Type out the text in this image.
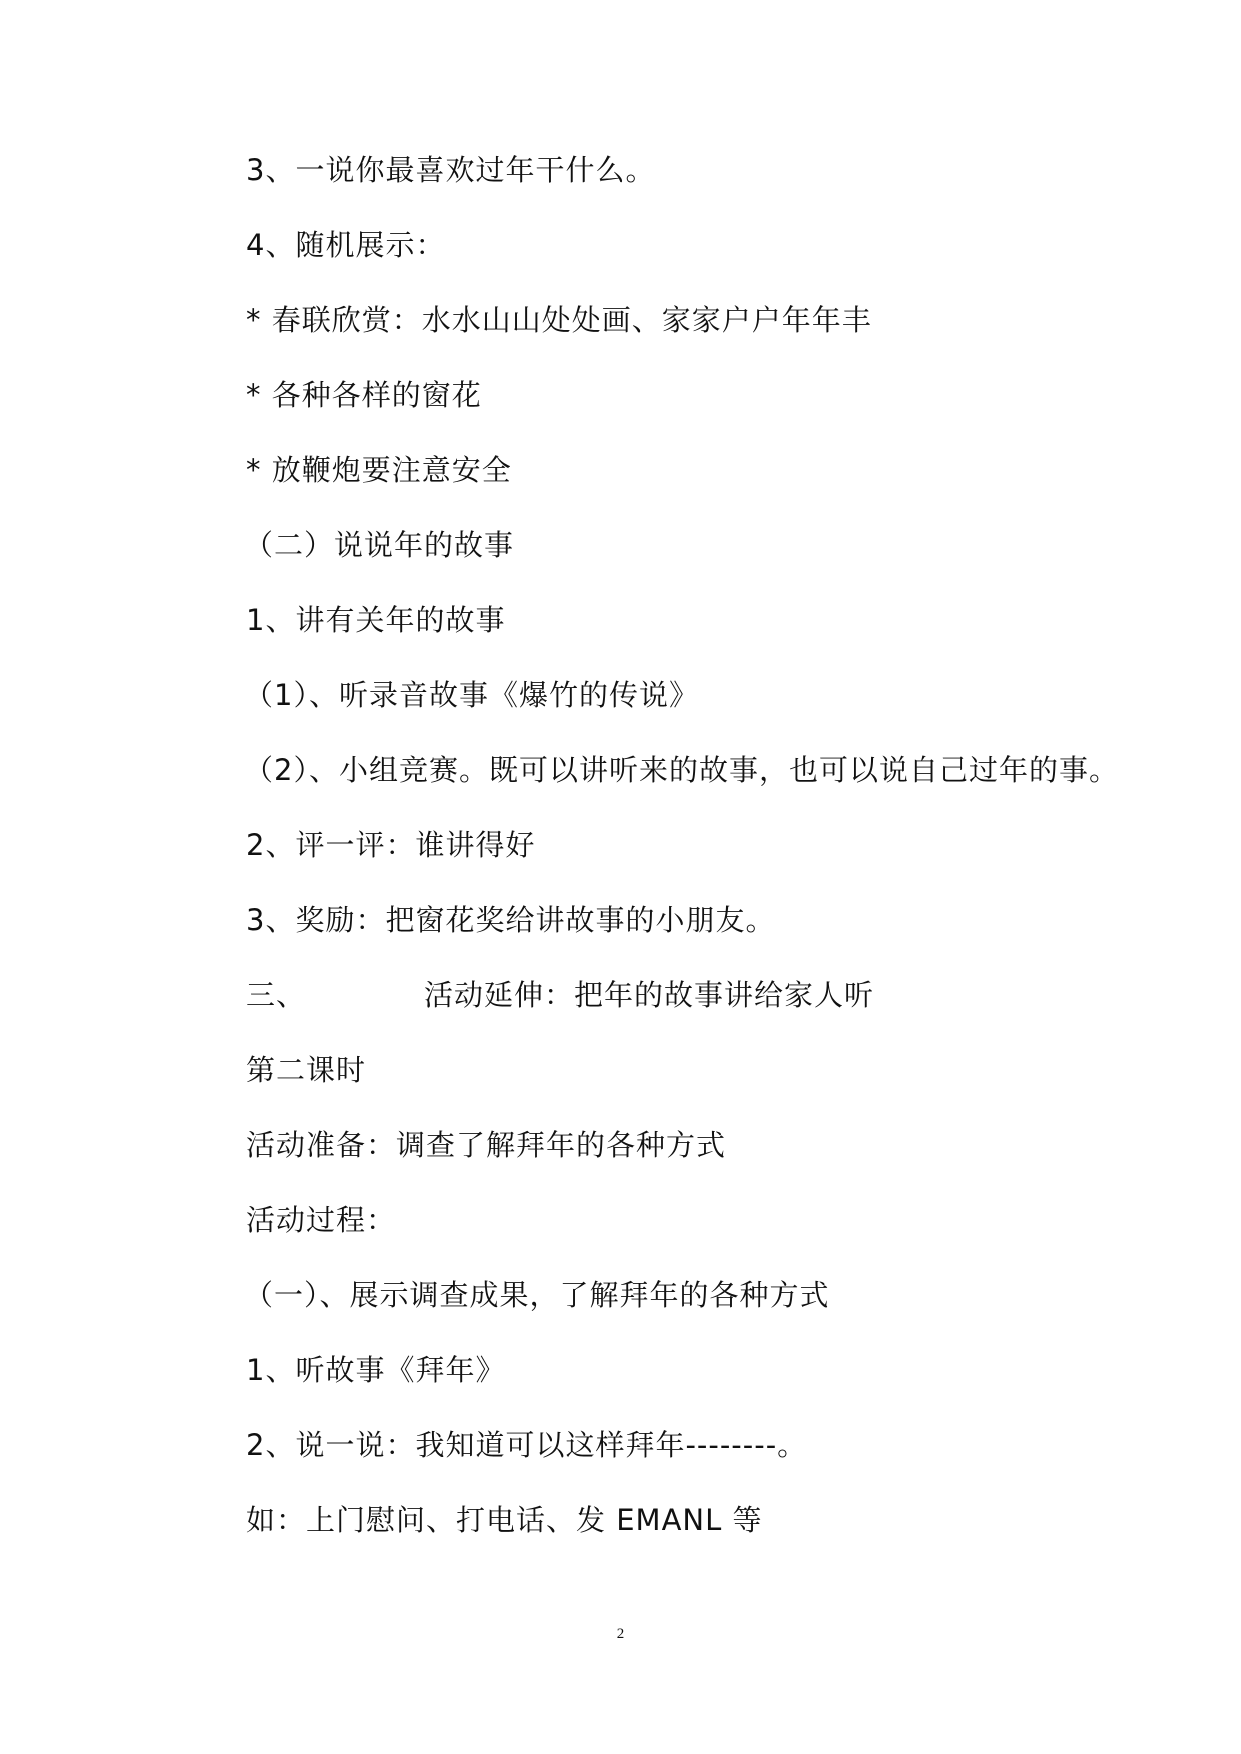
3、一说你最喜欢过年干什么。
4、随机展示：
* 春联欣赏：水水山山处处画、家家户户年年丰
* 各种各样的窗花
* 放鞭炮要注意安全
（二）说说年的故事
1、讲有关年的故事
（1）、听录音故事《爆竹的传说》
（2）、小组竞赛。既可以讲听来的故事，也可以说自己过年的事。
2、评一评：谁讲得好
3、奖励：把窗花奖给讲故事的小朋友。
三、	活动延伸：把年的故事讲给家人听
第二课时
活动准备：调查了解拜年的各种方式
活动过程：
（一）、展示调查成果，了解拜年的各种方式
1、听故事《拜年》
2、说一说：我知道可以这样拜年--------。
如：上门慰问、打电话、发 EMANL 等
2
